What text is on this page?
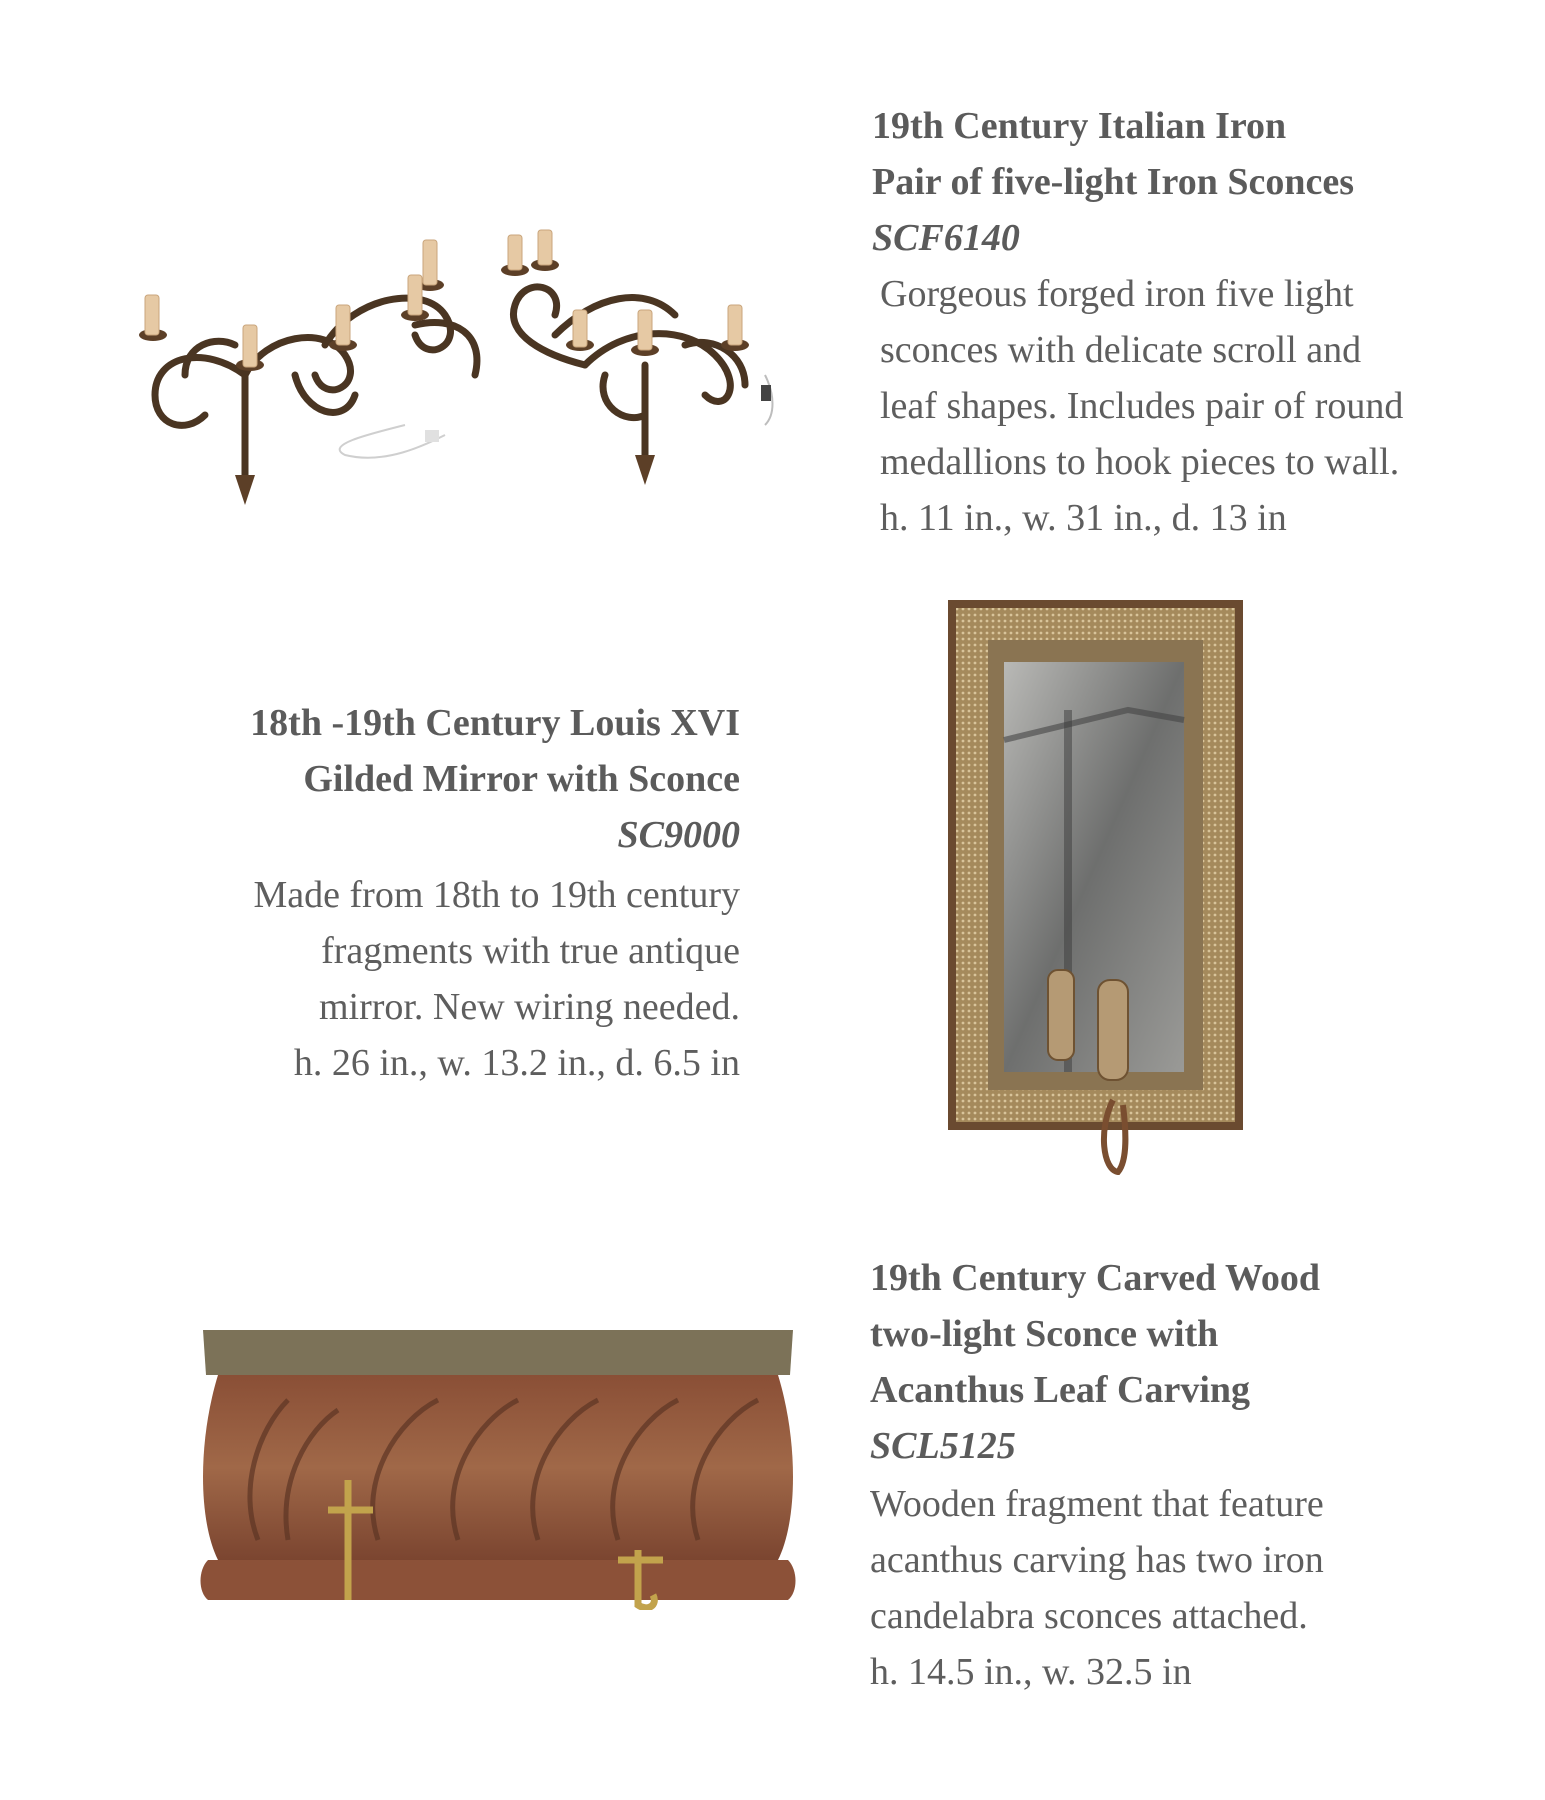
19th Century Italian Iron
Pair of five-light Iron Sconces
SCF6140
Gorgeous forged iron five light
sconces with delicate scroll and
leaf shapes. Includes pair of round
medallions to hook pieces to wall.
h. 11 in., w. 31 in., d. 13 in
18th -19th Century Louis XVI
Gilded Mirror with Sconce
SC9000
Made from 18th to 19th century
fragments with true antique
mirror. New wiring needed.
h. 26 in., w. 13.2 in., d. 6.5 in
19th Century Carved Wood
two-light Sconce with
Acanthus Leaf Carving
SCL5125
Wooden fragment that feature
acanthus carving has two iron
candelabra sconces attached.
h. 14.5 in., w. 32.5 in
